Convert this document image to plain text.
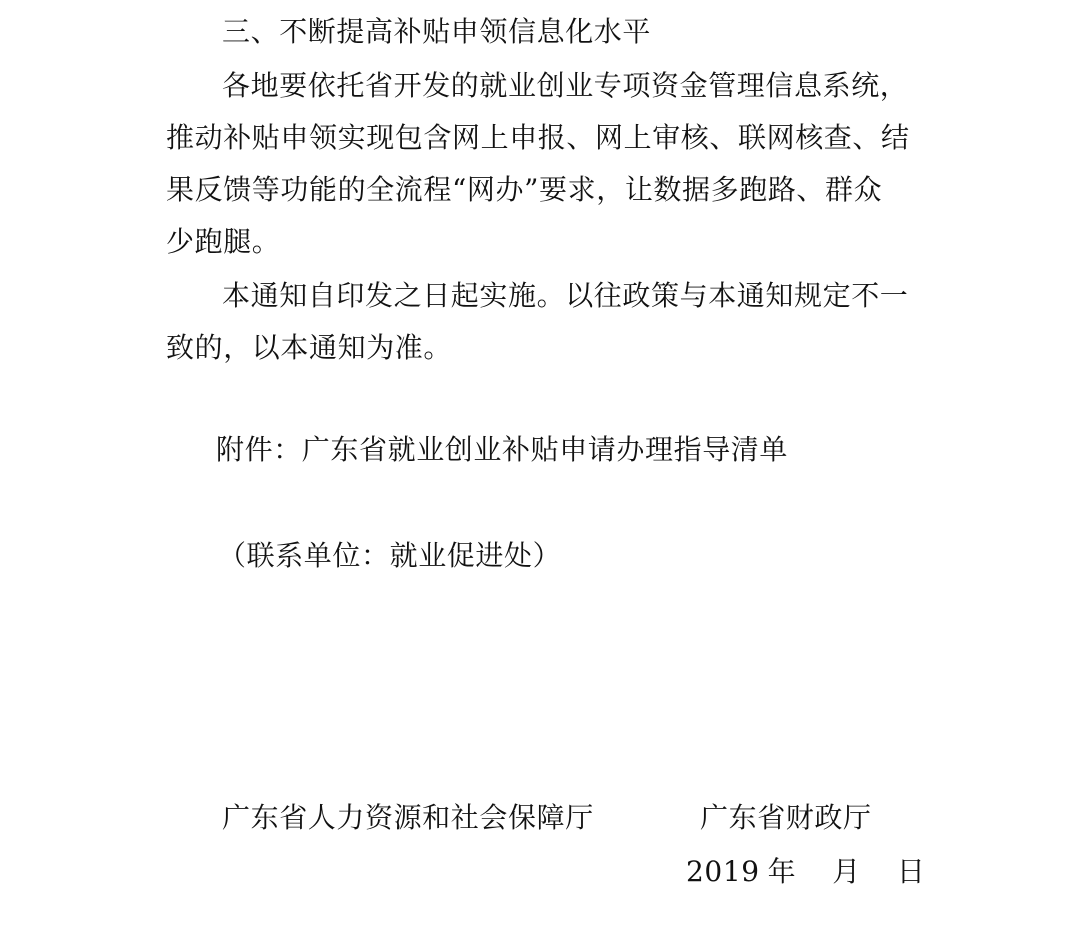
三、不断提高补贴申领信息化水平
各地要依托省开发的就业创业专项资金管理信息系统，
推动补贴申领实现包含网上申报、网上审核、联网核查、结
果反馈等功能的全流程“网办”要求，让数据多跑路、群众
少跑腿。
本通知自印发之日起实施。以往政策与本通知规定不一
致的，以本通知为准。
附件：广东省就业创业补贴申请办理指导清单
（联系单位：就业促进处）
广东省人力资源和社会保障厅	广东省财政厅
2019 年 月 日
